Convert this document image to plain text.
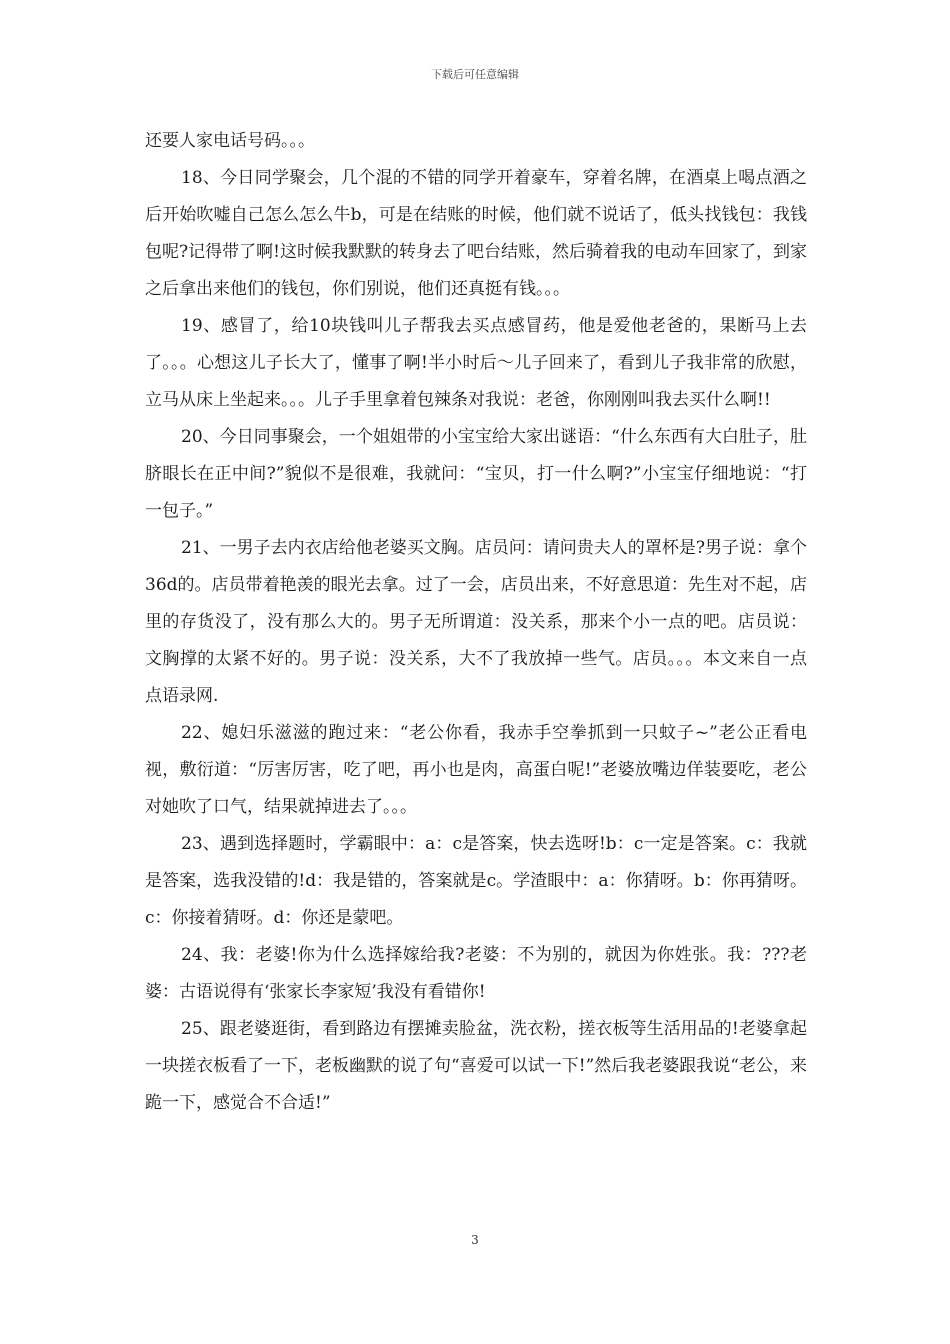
下载后可任意编辑

还要人家电话号码。。。

18、今日同学聚会，几个混的不错的同学开着豪车，穿着名牌，在酒桌上喝点酒之后开始吹嘘自己怎么怎么牛b，可是在结账的时候，他们就不说话了，低头找钱包：我钱包呢?记得带了啊!这时候我默默的转身去了吧台结账，然后骑着我的电动车回家了，到家之后拿出来他们的钱包，你们别说，他们还真挺有钱。。。

19、感冒了，给10块钱叫儿子帮我去买点感冒药，他是爱他老爸的，果断马上去了。。。心想这儿子长大了，懂事了啊!半小时后～儿子回来了，看到儿子我非常的欣慰，立马从床上坐起来。。。儿子手里拿着包辣条对我说：老爸，你刚刚叫我去买什么啊!!

20、今日同事聚会，一个姐姐带的小宝宝给大家出谜语：“什么东西有大白肚子，肚脐眼长在正中间?”貌似不是很难，我就问：“宝贝，打一什么啊?”小宝宝仔细地说：“打一包子。”

21、一男子去内衣店给他老婆买文胸。店员问：请问贵夫人的罩杯是?男子说：拿个36d的。店员带着艳羡的眼光去拿。过了一会，店员出来，不好意思道：先生对不起，店里的存货没了，没有那么大的。男子无所谓道：没关系，那来个小一点的吧。店员说：文胸撑的太紧不好的。男子说：没关系，大不了我放掉一些气。店员。。。本文来自一点点语录网.

22、媳妇乐滋滋的跑过来：“老公你看，我赤手空拳抓到一只蚊子~”老公正看电视，敷衍道：“厉害厉害，吃了吧，再小也是肉，高蛋白呢!”老婆放嘴边佯装要吃，老公对她吹了口气，结果就掉进去了。。。

23、遇到选择题时，学霸眼中：a：c是答案，快去选呀!b：c一定是答案。c：我就是答案，选我没错的!d：我是错的，答案就是c。学渣眼中：a：你猜呀。b：你再猜呀。c：你接着猜呀。d：你还是蒙吧。

24、我：老婆!你为什么选择嫁给我?老婆：不为别的，就因为你姓张。我：???老婆：古语说得有‘张家长李家短’我没有看错你!

25、跟老婆逛街，看到路边有摆摊卖脸盆，洗衣粉，搓衣板等生活用品的!老婆拿起一块搓衣板看了一下，老板幽默的说了句“喜爱可以试一下!”然后我老婆跟我说“老公，来跪一下，感觉合不合适!”

3
